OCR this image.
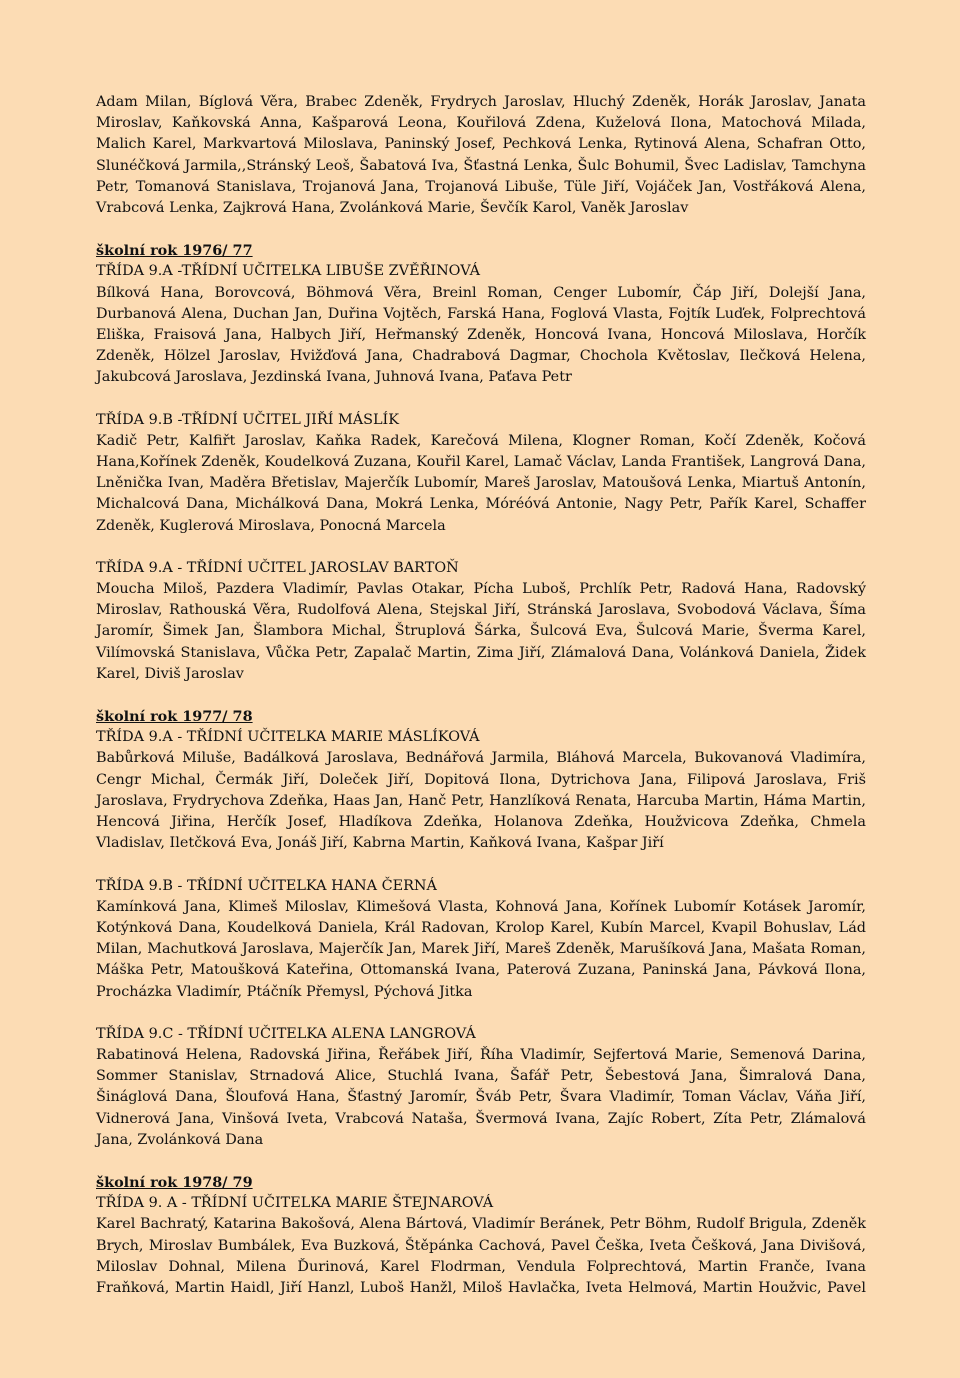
Adam Milan, Bíglová Věra, Brabec Zdeněk, Frydrych Jaroslav, Hluchý Zdeněk, Horák Jaroslav, Janata Miroslav, Kaňkovská Anna, Kašparová Leona, Kouřilová Zdena, Kuželová Ilona, Matochová Milada, Malich Karel, Markvartová Miloslava, Paninský Josef, Pechková Lenka, Rytinová Alena, Schafran Otto, Slunéčková Jarmila,,Stránský Leoš, Šabatová Iva, Šťastná Lenka, Šulc Bohumil, Švec Ladislav, Tamchyna Petr, Tomanová Stanislava, Trojanová Jana, Trojanová Libuše, Tüle Jiří, Vojáček Jan, Vostřáková Alena, Vrabcová Lenka, Zajkrová Hana, Zvolánková Marie, Ševčík Karol, Vaněk Jaroslav

školní rok 1976/ 77
TŘÍDA 9.A -TŘÍDNÍ UČITELKA LIBUŠE ZVĚŘINOVÁ

Bílková Hana, Borovcová, Böhmová Věra, Breinl Roman, Cenger Lubomír, Čáp Jiří, Dolejší Jana, Durbanová Alena, Duchan Jan, Duřina Vojtěch, Farská Hana, Foglová Vlasta, Fojtík Luďek, Folprechtová Eliška, Fraisová Jana, Halbych Jiří, Heřmanský Zdeněk, Honcová Ivana, Honcová Miloslava, Horčík Zdeněk, Hölzel Jaroslav, Hvižďová Jana, Chadrabová Dagmar, Chochola Květoslav, Ilečková Helena, Jakubcová Jaroslava, Jezdinská Ivana, Juhnová Ivana, Paťava Petr

TŘÍDA 9.B -TŘÍDNÍ UČITEL JIŘÍ MÁSLÍK

Kadič Petr, Kalfiřt Jaroslav, Kaňka Radek, Karečová Milena, Klogner Roman, Kočí Zdeněk, Kočová Hana,Kořínek Zdeněk, Koudelková Zuzana, Kouřil Karel, Lamač Václav, Landa František, Langrová Dana, Lněnička Ivan, Maděra Břetislav, Majerčík Lubomír, Mareš Jaroslav, Matoušová Lenka, Miartuš Antonín, Michalcová Dana, Michálková Dana, Mokrá Lenka, Móréóvá Antonie, Nagy Petr, Pařík Karel, Schaffer Zdeněk, Kuglerová Miroslava, Ponocná Marcela

TŘÍDA 9.A - TŘÍDNÍ UČITEL JAROSLAV BARTOŇ

Moucha Miloš, Pazdera Vladimír, Pavlas Otakar, Pícha Luboš, Prchlík Petr, Radová Hana, Radovský Miroslav, Rathouská Věra, Rudolfová Alena, Stejskal Jiří, Stránská Jaroslava, Svobodová Václava, Šíma Jaromír, Šimek Jan, Šlambora Michal, Štruplová Šárka, Šulcová Eva, Šulcová Marie, Šverma Karel, Vilímovská Stanislava, Vůčka Petr, Zapalač Martin, Zima Jiří, Zlámalová Dana, Volánková Daniela, Židek Karel, Diviš Jaroslav

školní rok 1977/ 78
TŘÍDA 9.A - TŘÍDNÍ UČITELKA MARIE MÁSLÍKOVÁ

Babůrková Miluše, Badálková Jaroslava, Bednářová Jarmila, Bláhová Marcela, Bukovanová Vladimíra, Cengr Michal, Čermák Jiří, Doleček Jiří, Dopitová Ilona, Dytrichova Jana, Filipová Jaroslava, Friš Jaroslava, Frydrychova Zdeňka, Haas Jan, Hanč Petr, Hanzlíková Renata, Harcuba Martin, Háma Martin, Hencová Jiřina, Herčík Josef, Hladíkova Zdeňka, Holanova Zdeňka, Houžvicova Zdeňka, Chmela Vladislav, Iletčková Eva, Jonáš Jiří, Kabrna Martin, Kaňková Ivana, Kašpar Jiří

TŘÍDA 9.B - TŘÍDNÍ UČITELKA HANA ČERNÁ

Kamínková Jana, Klimeš Miloslav, Klimešová Vlasta, Kohnová Jana, Kořínek Lubomír Kotásek Jaromír, Kotýnková Dana, Koudelková Daniela, Král Radovan, Krolop Karel, Kubín Marcel, Kvapil Bohuslav, Lád Milan, Machutková Jaroslava, Majerčík Jan, Marek Jiří, Mareš Zdeněk, Marušíková Jana, Mašata Roman, Máška Petr, Matoušková Kateřina, Ottomanská Ivana, Paterová Zuzana, Paninská Jana, Pávková Ilona, Procházka Vladimír, Ptáčník Přemysl, Pýchová Jitka

TŘÍDA 9.C - TŘÍDNÍ UČITELKA ALENA LANGROVÁ

Rabatinová Helena, Radovská Jiřina, Řeřábek Jiří, Říha Vladimír, Sejfertová Marie, Semenová Darina, Sommer Stanislav, Strnadová Alice, Stuchlá Ivana, Šafář Petr, Šebestová Jana, Šimralová Dana, Šináglová Dana, Šloufová Hana, Šťastný Jaromír, Šváb Petr, Švara Vladimír, Toman Václav, Váňa Jiří, Vidnerová Jana, Vinšová Iveta, Vrabcová Nataša, Švermová Ivana, Zajíc Robert, Zíta Petr, Zlámalová Jana, Zvolánková Dana

školní rok 1978/ 79
TŘÍDA 9. A - TŘÍDNÍ UČITELKA MARIE ŠTEJNAROVÁ

Karel Bachratý, Katarina Bakošová, Alena Bártová, Vladimír Beránek, Petr Böhm, Rudolf Brigula, Zdeněk Brych, Miroslav Bumbálek, Eva Buzková, Štěpánka Cachová, Pavel Češka, Iveta Češková, Jana Divišová, Miloslav Dohnal, Milena Ďurinová, Karel Flodrman, Vendula Folprechtová, Martin Franče, Ivana Fraňková, Martin Haidl, Jiří Hanzl, Luboš Hanžl, Miloš Havlačka, Iveta Helmová, Martin Houžvic, Pavel
